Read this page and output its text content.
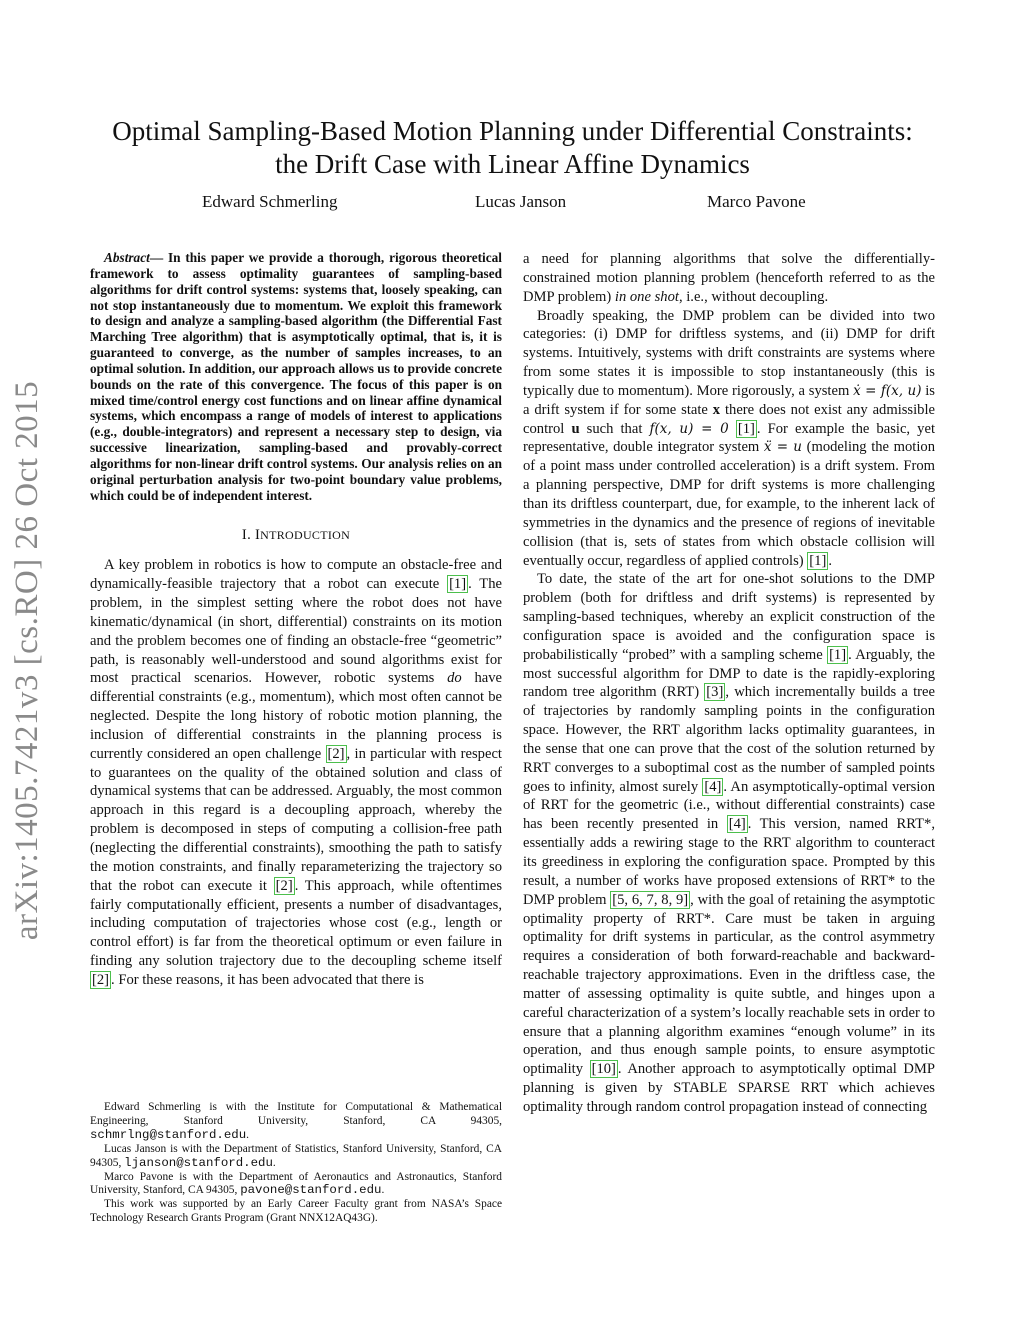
arXiv:1405.7421v3 [cs.RO] 26 Oct 2015
Optimal Sampling-Based Motion Planning under Differential Constraints:
the Drift Case with Linear Affine Dynamics
Edward Schmerling	Lucas Janson	Marco Pavone

Abstract— In this paper we provide a thorough, rigorous theoretical framework to assess optimality guarantees of sampling-based algorithms for drift control systems: systems that, loosely speaking, can not stop instantaneously due to momentum. We exploit this framework to design and analyze a sampling-based algorithm (the Differential Fast Marching Tree algorithm) that is asymptotically optimal, that is, it is guaranteed to converge, as the number of samples increases, to an optimal solution. In addition, our approach allows us to provide concrete bounds on the rate of this convergence. The focus of this paper is on mixed time/control energy cost functions and on linear affine dynamical systems, which encompass a range of models of interest to applications (e.g., double-integrators) and represent a necessary step to design, via successive linearization, sampling-based and provably-correct algorithms for non-linear drift control systems. Our analysis relies on an original perturbation analysis for two-point boundary value problems, which could be of independent interest.

I. INTRODUCTION

A key problem in robotics is how to compute an obstacle-free and dynamically-feasible trajectory that a robot can execute [1] . The problem, in the simplest setting where the robot does not have kinematic/dynamical (in short, differential) constraints on its motion and the problem becomes one of finding an obstacle-free “geometric” path, is reasonably well-understood and sound algorithms exist for most practical scenarios. However, robotic systems do have differential constraints (e.g., momentum), which most often cannot be neglected. Despite the long history of robotic motion planning, the inclusion of differential constraints in the planning process is currently considered an open challenge [2] , in particular with respect to guarantees on the quality of the obtained solution and class of dynamical systems that can be addressed. Arguably, the most common approach in this regard is a decoupling approach, whereby the problem is decomposed in steps of computing a collision-free path (neglecting the differential constraints), smoothing the path to satisfy the motion constraints, and finally reparameterizing the trajectory so that the robot can execute it [2] . This approach, while oftentimes fairly computationally efficient, presents a number of disadvantages, including computation of trajectories whose cost (e.g., length or control effort) is far from the theoretical optimum or even failure in finding any solution trajectory due to the decoupling scheme itself [2] . For these reasons, it has been advocated that there is

Edward Schmerling is with the Institute for Computational & Mathematical Engineering, Stanford University, Stanford, CA 94305, schmrlng@stanford.edu.

Lucas Janson is with the Department of Statistics, Stanford University, Stanford, CA 94305, ljanson@stanford.edu.

Marco Pavone is with the Department of Aeronautics and Astronautics, Stanford University, Stanford, CA 94305, pavone@stanford.edu.

This work was supported by an Early Career Faculty grant from NASA’s Space Technology Research Grants Program (Grant NNX12AQ43G).

a need for planning algorithms that solve the differentially-constrained motion planning problem (henceforth referred to as the DMP problem) in one shot, i.e., without decoupling.

Broadly speaking, the DMP problem can be divided into two categories: (i) DMP for driftless systems, and (ii) DMP for drift systems. Intuitively, systems with drift constraints are systems where from some states it is impossible to stop instantaneously (this is typically due to momentum). More rigorously, a system ẋ = f(x, u) is a drift system if for some state x there does not exist any admissible control u such that f(x, u) = 0 [1] . For example the basic, yet representative, double integrator system ẍ = u (modeling the motion of a point mass under controlled acceleration) is a drift system. From a planning perspective, DMP for drift systems is more challenging than its driftless counterpart, due, for example, to the inherent lack of symmetries in the dynamics and the presence of regions of inevitable collision (that is, sets of states from which obstacle collision will eventually occur, regardless of applied controls) [1] .

To date, the state of the art for one-shot solutions to the DMP problem (both for driftless and drift systems) is represented by sampling-based techniques, whereby an explicit construction of the configuration space is avoided and the configuration space is probabilistically “probed” with a sampling scheme [1] . Arguably, the most successful algorithm for DMP to date is the rapidly-exploring random tree algorithm (RRT) [3] , which incrementally builds a tree of trajectories by randomly sampling points in the configuration space. However, the RRT algorithm lacks optimality guarantees, in the sense that one can prove that the cost of the solution returned by RRT converges to a suboptimal cost as the number of sampled points goes to infinity, almost surely [4] . An asymptotically-optimal version of RRT for the geometric (i.e., without differential constraints) case has been recently presented in [4] . This version, named RRT*, essentially adds a rewiring stage to the RRT algorithm to counteract its greediness in exploring the configuration space. Prompted by this result, a number of works have proposed extensions of RRT* to the DMP problem [5, 6, 7, 8, 9] , with the goal of retaining the asymptotic optimality property of RRT*. Care must be taken in arguing optimality for drift systems in particular, as the control asymmetry requires a consideration of both forward-reachable and backward-reachable trajectory approximations. Even in the driftless case, the matter of assessing optimality is quite subtle, and hinges upon a careful characterization of a system’s locally reachable sets in order to ensure that a planning algorithm examines “enough volume” in its operation, and thus enough sample points, to ensure asymptotic optimality [10] . Another approach to asymptotically optimal DMP planning is given by STABLE SPARSE RRT which achieves optimality through random control propagation instead of connecting
